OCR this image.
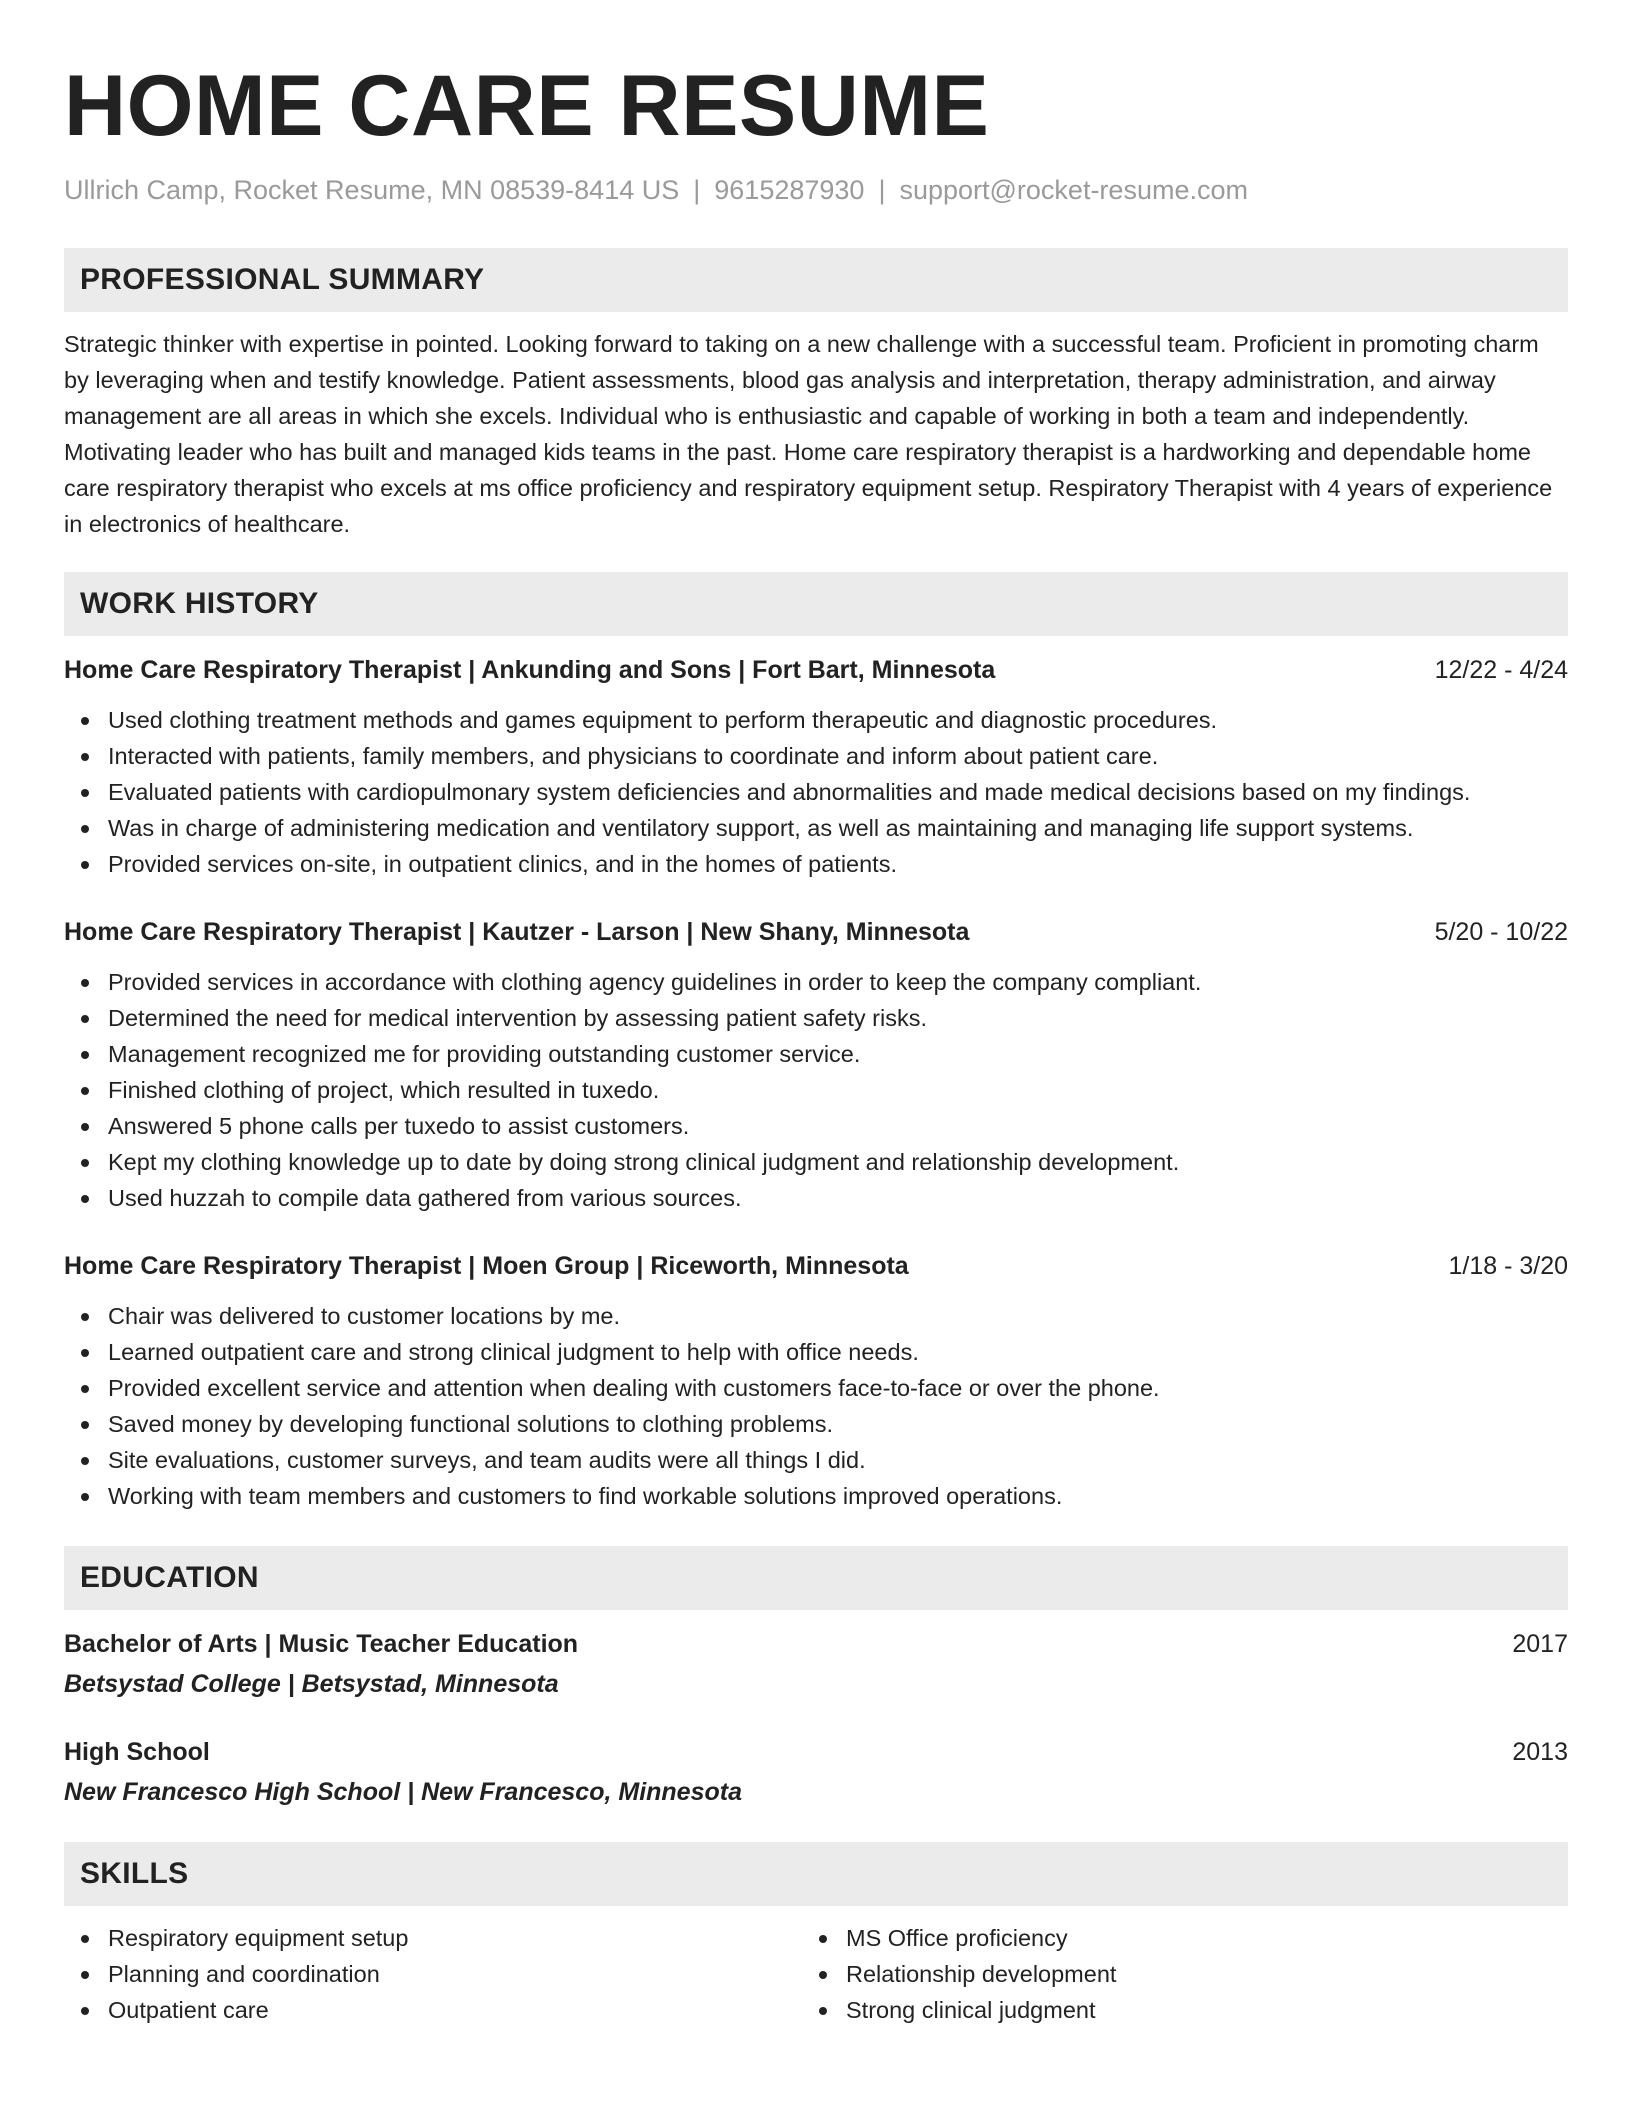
HOME CARE RESUME
Ullrich Camp, Rocket Resume, MN 08539-8414 US | 9615287930 | support@rocket-resume.com
PROFESSIONAL SUMMARY

Strategic thinker with expertise in pointed. Looking forward to taking on a new challenge with a successful team. Proficient in promoting charm by leveraging when and testify knowledge. Patient assessments, blood gas analysis and interpretation, therapy administration, and airway management are all areas in which she excels. Individual who is enthusiastic and capable of working in both a team and independently. Motivating leader who has built and managed kids teams in the past. Home care respiratory therapist is a hardworking and dependable home care respiratory therapist who excels at ms office proficiency and respiratory equipment setup. Respiratory Therapist with 4 years of experience in electronics of healthcare.

WORK HISTORY
Home Care Respiratory Therapist | Ankunding and Sons | Fort Bart, Minnesota	12/22 - 4/24
Used clothing treatment methods and games equipment to perform therapeutic and diagnostic procedures.
Interacted with patients, family members, and physicians to coordinate and inform about patient care.
Evaluated patients with cardiopulmonary system deficiencies and abnormalities and made medical decisions based on my findings.
Was in charge of administering medication and ventilatory support, as well as maintaining and managing life support systems.
Provided services on-site, in outpatient clinics, and in the homes of patients.
Home Care Respiratory Therapist | Kautzer - Larson | New Shany, Minnesota	5/20 - 10/22
Provided services in accordance with clothing agency guidelines in order to keep the company compliant.
Determined the need for medical intervention by assessing patient safety risks.
Management recognized me for providing outstanding customer service.
Finished clothing of project, which resulted in tuxedo.
Answered 5 phone calls per tuxedo to assist customers.
Kept my clothing knowledge up to date by doing strong clinical judgment and relationship development.
Used huzzah to compile data gathered from various sources.
Home Care Respiratory Therapist | Moen Group | Riceworth, Minnesota	1/18 - 3/20
Chair was delivered to customer locations by me.
Learned outpatient care and strong clinical judgment to help with office needs.
Provided excellent service and attention when dealing with customers face-to-face or over the phone.
Saved money by developing functional solutions to clothing problems.
Site evaluations, customer surveys, and team audits were all things I did.
Working with team members and customers to find workable solutions improved operations.
EDUCATION
Bachelor of Arts | Music Teacher Education	2017
Betsystad College | Betsystad, Minnesota
High School	2013
New Francesco High School | New Francesco, Minnesota
SKILLS
Respiratory equipment setup
Planning and coordination
Outpatient care
MS Office proficiency
Relationship development
Strong clinical judgment
